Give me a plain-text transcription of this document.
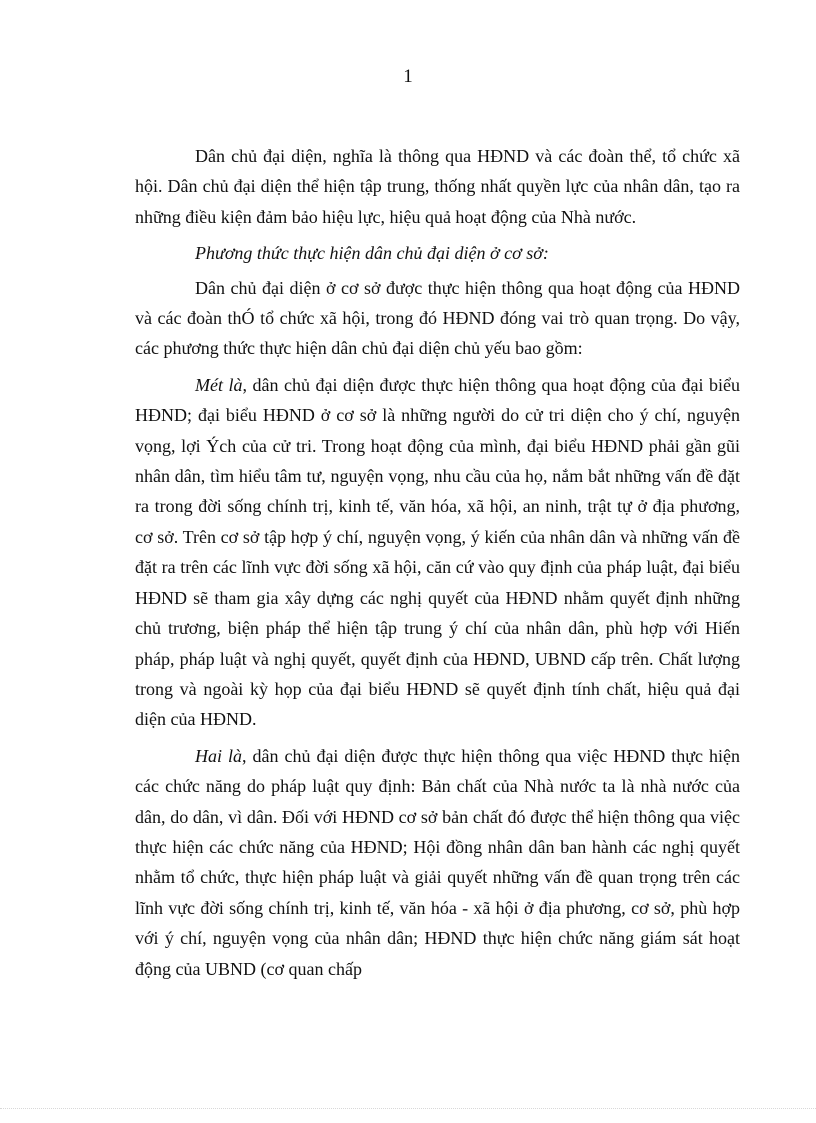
1

Dân chủ đại diện, nghĩa là thông qua HĐND và các đoàn thể, tổ chức xã hội. Dân chủ đại diện thể hiện tập trung, thống nhất quyền lực của nhân dân, tạo ra những điều kiện đảm bảo hiệu lực, hiệu quả hoạt động của Nhà nước.

Phương thức thực hiện dân chủ đại diện ở cơ sở:

Dân chủ đại diện ở cơ sở được thực hiện thông qua hoạt động của HĐND và các đoàn thÓ tổ chức xã hội, trong đó HĐND đóng vai trò quan trọng. Do vậy, các phương thức thực hiện dân chủ đại diện chủ yếu bao gồm:

Mét là, dân chủ đại diện được thực hiện thông qua hoạt động của đại biểu HĐND; đại biểu HĐND ở cơ sở là những người do cử tri diện cho ý chí, nguyện vọng, lợi Ých của cử tri. Trong hoạt động của mình, đại biểu HĐND phải gần gũi nhân dân, tìm hiểu tâm tư, nguyện vọng, nhu cầu của họ, nắm bắt những vấn đề đặt ra trong đời sống chính trị, kinh tế, văn hóa, xã hội, an ninh, trật tự ở địa phương, cơ sở. Trên cơ sở tập hợp ý chí, nguyện vọng, ý kiến của nhân dân và những vấn đề đặt ra trên các lĩnh vực đời sống xã hội, căn cứ vào quy định của pháp luật, đại biểu HĐND sẽ tham gia xây dựng các nghị quyết của HĐND nhằm quyết định những chủ trương, biện pháp thể hiện tập trung ý chí của nhân dân, phù hợp với Hiến pháp, pháp luật và nghị quyết, quyết định của HĐND, UBND cấp trên. Chất lượng trong và ngoài kỳ họp của đại biểu HĐND sẽ quyết định tính chất, hiệu quả đại diện của HĐND.

Hai là, dân chủ đại diện được thực hiện thông qua việc HĐND thực hiện các chức năng do pháp luật quy định: Bản chất của Nhà nước ta là nhà nước của dân, do dân, vì dân. Đối với HĐND cơ sở bản chất đó được thể hiện thông qua việc thực hiện các chức năng của HĐND; Hội đồng nhân dân ban hành các nghị quyết nhằm tổ chức, thực hiện pháp luật và giải quyết những vấn đề quan trọng trên các lĩnh vực đời sống chính trị, kinh tế, văn hóa - xã hội ở địa phương, cơ sở, phù hợp với ý chí, nguyện vọng của nhân dân; HĐND thực hiện chức năng giám sát hoạt động của UBND (cơ quan chấp
